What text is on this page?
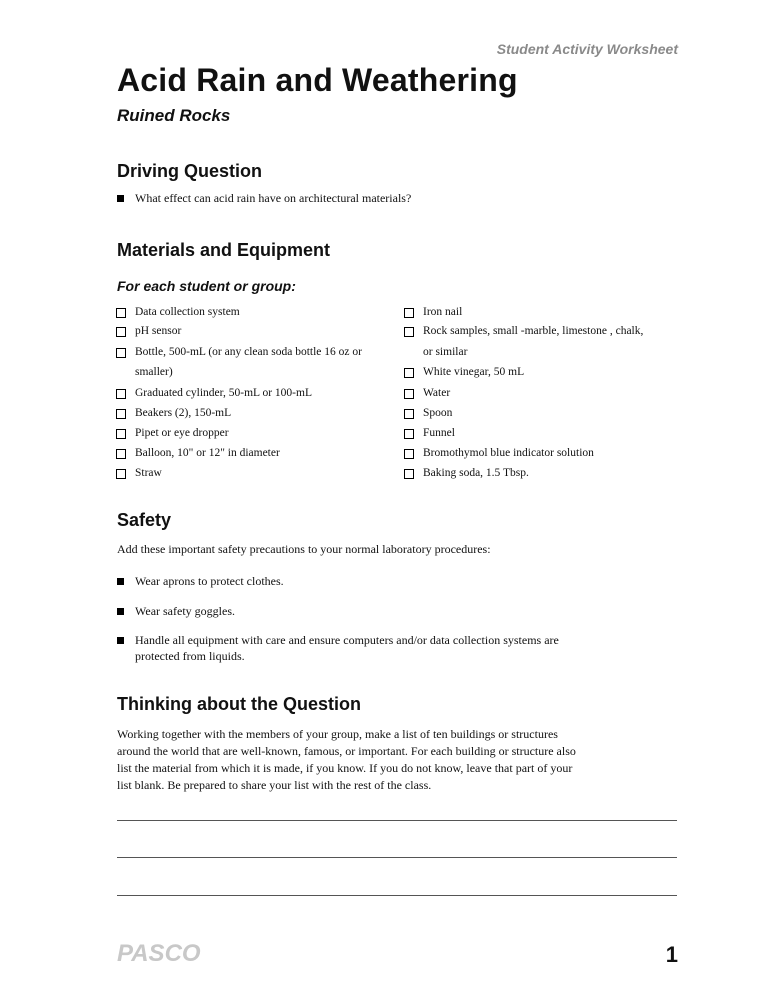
Student Activity Worksheet
Acid Rain and Weathering
Ruined Rocks
Driving Question
What effect can acid rain have on architectural materials?
Materials and Equipment
For each student or group:
Data collection system
pH sensor
Bottle, 500-mL (or any clean soda bottle 16 oz or
smaller)
Graduated cylinder, 50-mL or 100-mL
Beakers (2), 150-mL
Pipet or eye dropper
Balloon, 10" or 12" in diameter
Straw
Iron nail
Rock samples, small -marble, limestone , chalk,
or similar
White vinegar, 50 mL
Water
Spoon
Funnel
Bromothymol blue indicator solution
Baking soda, 1.5 Tbsp.
Safety
Add these important safety precautions to your normal laboratory procedures:
Wear aprons to protect clothes.
Wear safety goggles.
Handle all equipment with care and ensure computers and/or data collection systems are
protected from liquids.
Thinking about the Question
Working together with the members of your group, make a list of ten buildings or structures
around the world that are well-known, famous, or important. For each building or structure also
list the material from which it is made, if you know. If you do not know, leave that part of your
list blank. Be prepared to share your list with the rest of the class.
PASCO	1
